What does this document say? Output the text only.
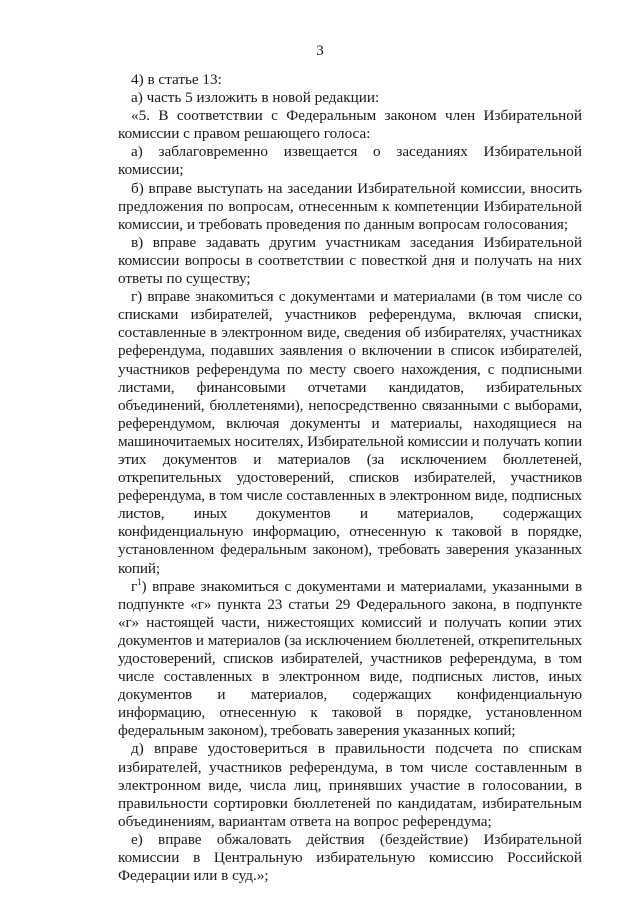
3

4) в статье 13:

а) часть 5 изложить в новой редакции:

«5. В соответствии с Федеральным законом член Избирательной комиссии с правом решающего голоса:

а) заблаговременно извещается о заседаниях Избирательной комиссии;

б) вправе выступать на заседании Избирательной комиссии, вносить предложения по вопросам, отнесенным к компетенции Избирательной комиссии, и требовать проведения по данным вопросам голосования;

в) вправе задавать другим участникам заседания Избирательной комиссии вопросы в соответствии с повесткой дня и получать на них ответы по существу;

г) вправе знакомиться с документами и материалами (в том числе со списками избирателей, участников референдума, включая списки, составленные в электронном виде, сведения об избирателях, участниках референдума, подавших заявления о включении в список избирателей, участников референдума по месту своего нахождения, с подписными листами, финансовыми отчетами кандидатов, избирательных объединений, бюллетенями), непосредственно связанными с выборами, референдумом, включая документы и материалы, находящиеся на машиночитаемых носителях, Избирательной комиссии и получать копии этих документов и материалов (за исключением бюллетеней, открепительных удостоверений, списков избирателей, участников референдума, в том числе составленных в электронном виде, подписных листов, иных документов и материалов, содержащих конфиденциальную информацию, отнесенную к таковой в порядке, установленном федеральным законом), требовать заверения указанных копий;

$г^1$) вправе знакомиться с документами и материалами, указанными в подпункте «г» пункта 23 статьи 29 Федерального закона, в подпункте «г» настоящей части, нижестоящих комиссий и получать копии этих документов и материалов (за исключением бюллетеней, открепительных удостоверений, списков избирателей, участников референдума, в том числе составленных в электронном виде, подписных листов, иных документов и материалов, содержащих конфиденциальную информацию, отнесенную к таковой в порядке, установленном федеральным законом), требовать заверения указанных копий;

д) вправе удостовериться в правильности подсчета по спискам избирателей, участников референдума, в том числе составленным в электронном виде, числа лиц, принявших участие в голосовании, в правильности сортировки бюллетеней по кандидатам, избирательным объединениям, вариантам ответа на вопрос референдума;

е) вправе обжаловать действия (бездействие) Избирательной комиссии в Центральную избирательную комиссию Российской Федерации или в суд.»;
